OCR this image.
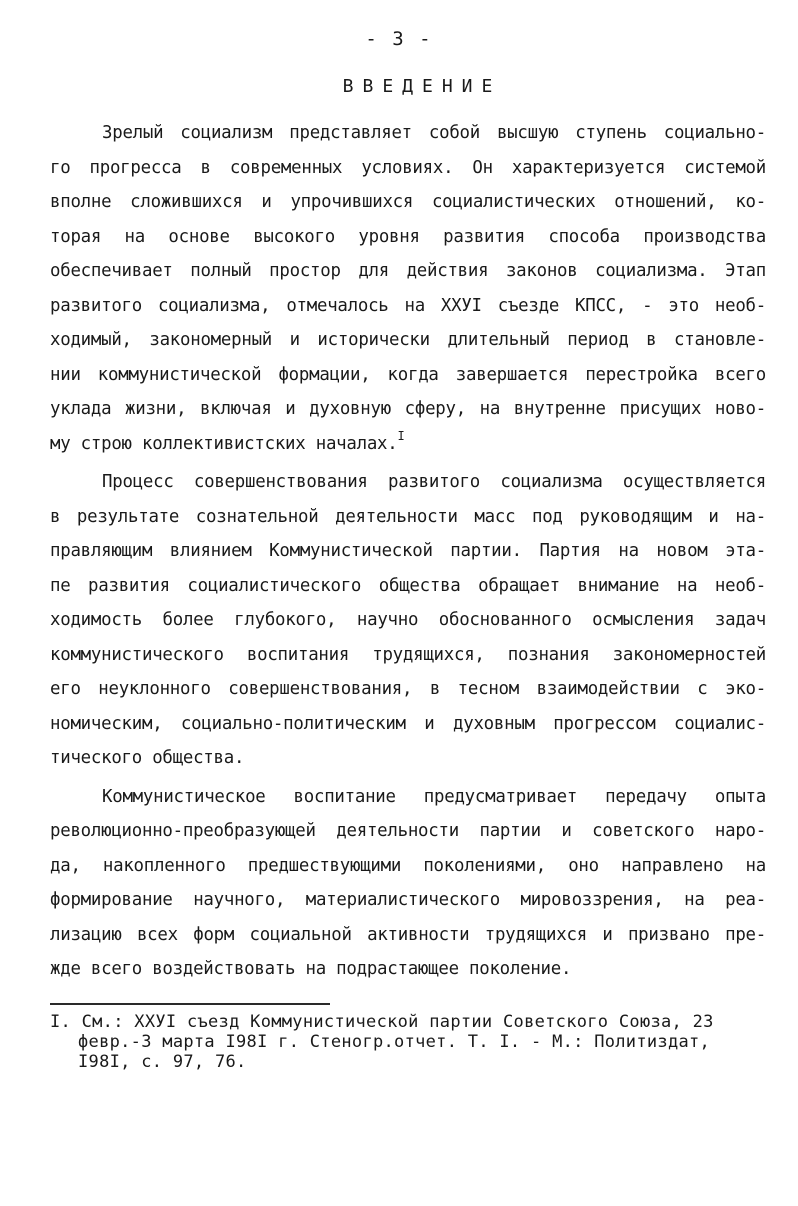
- 3 -
ВВЕДЕНИЕ
Зрелый социализм представляет собой высшую ступень социально-
го прогресса в современных условиях. Он характеризуется системой
вполне сложившихся и упрочившихся социалистических отношений, ко-
торая на основе высокого уровня развития способа производства
обеспечивает полный простор для действия законов социализма. Этап
развитого социализма, отмечалось на ХХУI съезде КПСС, - это необ-
ходимый, закономерный и исторически длительный период в становле-
нии коммунистической формации, когда завершается перестройка всего
уклада жизни, включая и духовную сферу, на внутренне присущих ново-
му строю коллективистских началах.$^I$
Процесс совершенствования развитого социализма осуществляется
в результате сознательной деятельности масс под руководящим и на-
правляющим влиянием Коммунистической партии. Партия на новом эта-
пе развития социалистического общества обращает внимание на необ-
ходимость более глубокого, научно обоснованного осмысления задач
коммунистического воспитания трудящихся, познания закономерностей
его неуклонного совершенствования, в тесном взаимодействии с эко-
номическим, социально-политическим и духовным прогрессом социалис-
тического общества.
Коммунистическое воспитание предусматривает передачу опыта
революционно-преобразующей деятельности партии и советского наро-
да, накопленного предшествующими поколениями, оно направлено на
формирование научного, материалистического мировоззрения, на реа-
лизацию всех форм социальной активности трудящихся и призвано пре-
жде всего воздействовать на подрастающее поколение.
I. См.: ХХУI съезд Коммунистической партии Советского Союза, 23
февр.-3 марта I98I г. Стеногр.отчет. Т. I. - М.: Политиздат,
I98I, с. 97, 76.
